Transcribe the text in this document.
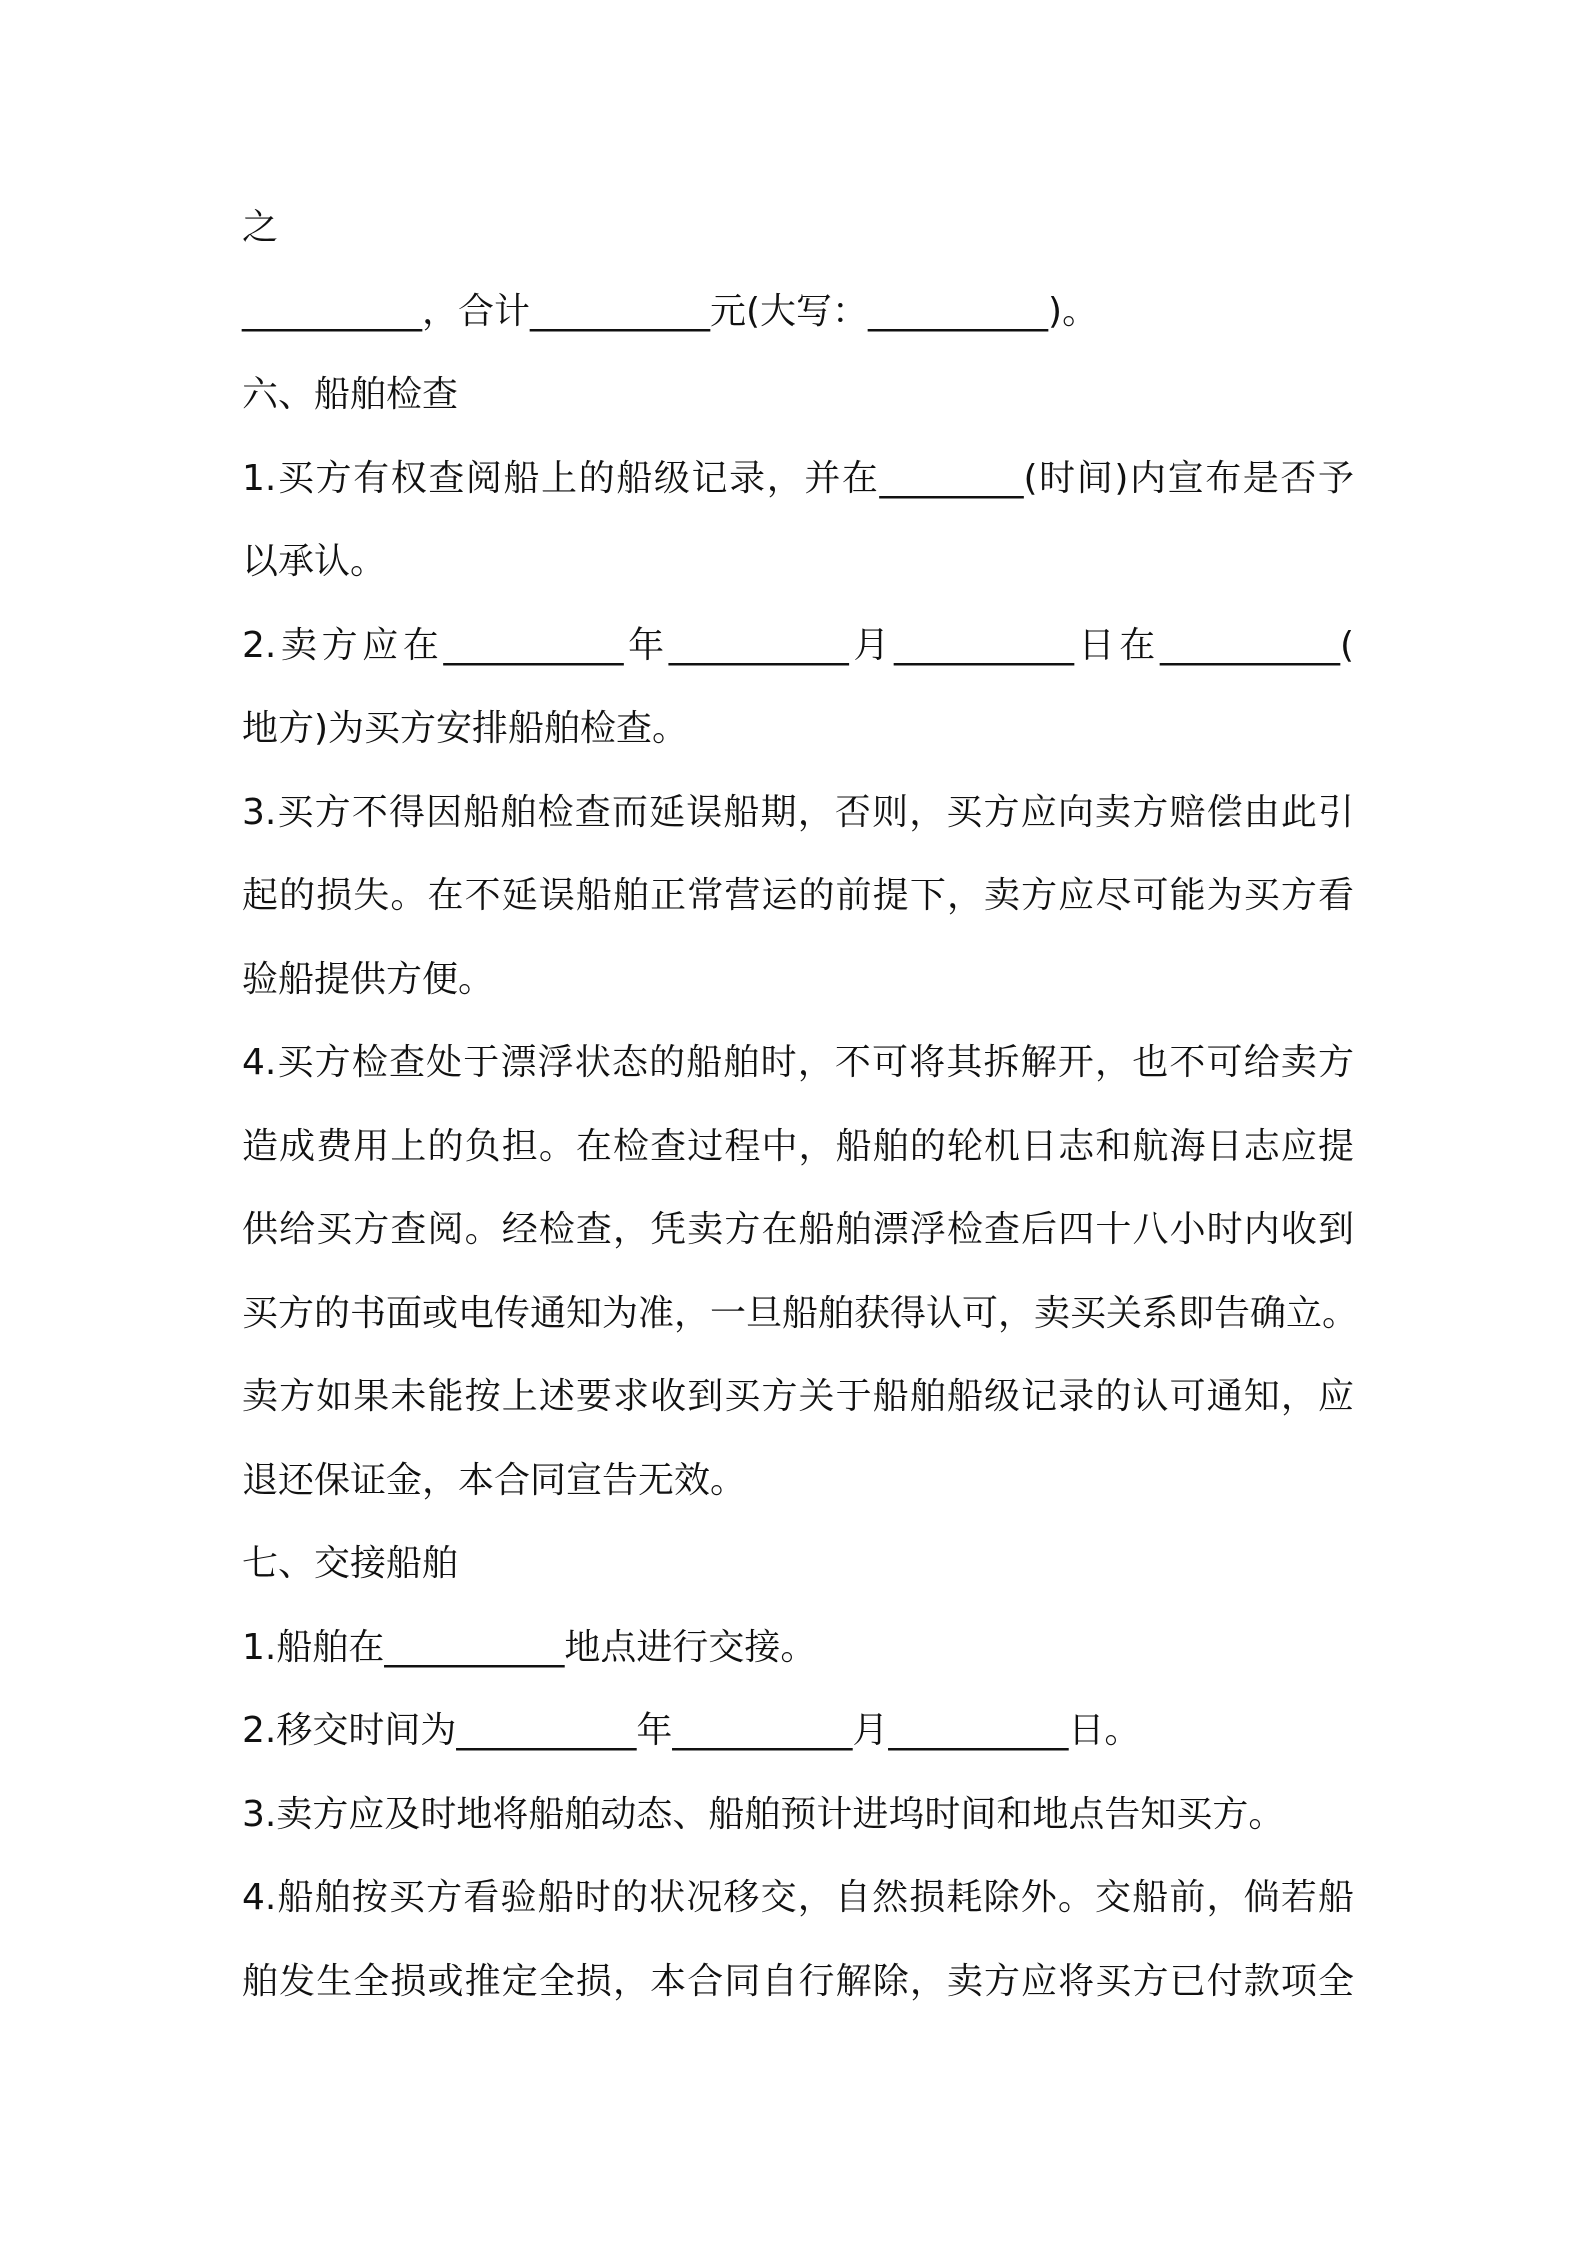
之
__________，合计__________元(大写：__________)。
六、船舶检查
1.买方有权查阅船上的船级记录，并在________(时间)内宣布是否予
以承认。
2.卖方应在__________年__________月__________日在__________(
地方)为买方安排船舶检查。
3.买方不得因船舶检查而延误船期，否则，买方应向卖方赔偿由此引
起的损失。在不延误船舶正常营运的前提下，卖方应尽可能为买方看
验船提供方便。
4.买方检查处于漂浮状态的船舶时，不可将其拆解开，也不可给卖方
造成费用上的负担。在检查过程中，船舶的轮机日志和航海日志应提
供给买方查阅。经检查，凭卖方在船舶漂浮检查后四十八小时内收到
买方的书面或电传通知为准，一旦船舶获得认可，卖买关系即告确立。
卖方如果未能按上述要求收到买方关于船舶船级记录的认可通知，应
退还保证金，本合同宣告无效。
七、交接船舶
1.船舶在__________地点进行交接。
2.移交时间为__________年__________月__________日。
3.卖方应及时地将船舶动态、船舶预计进坞时间和地点告知买方。
4.船舶按买方看验船时的状况移交，自然损耗除外。交船前，倘若船
舶发生全损或推定全损，本合同自行解除，卖方应将买方已付款项全
